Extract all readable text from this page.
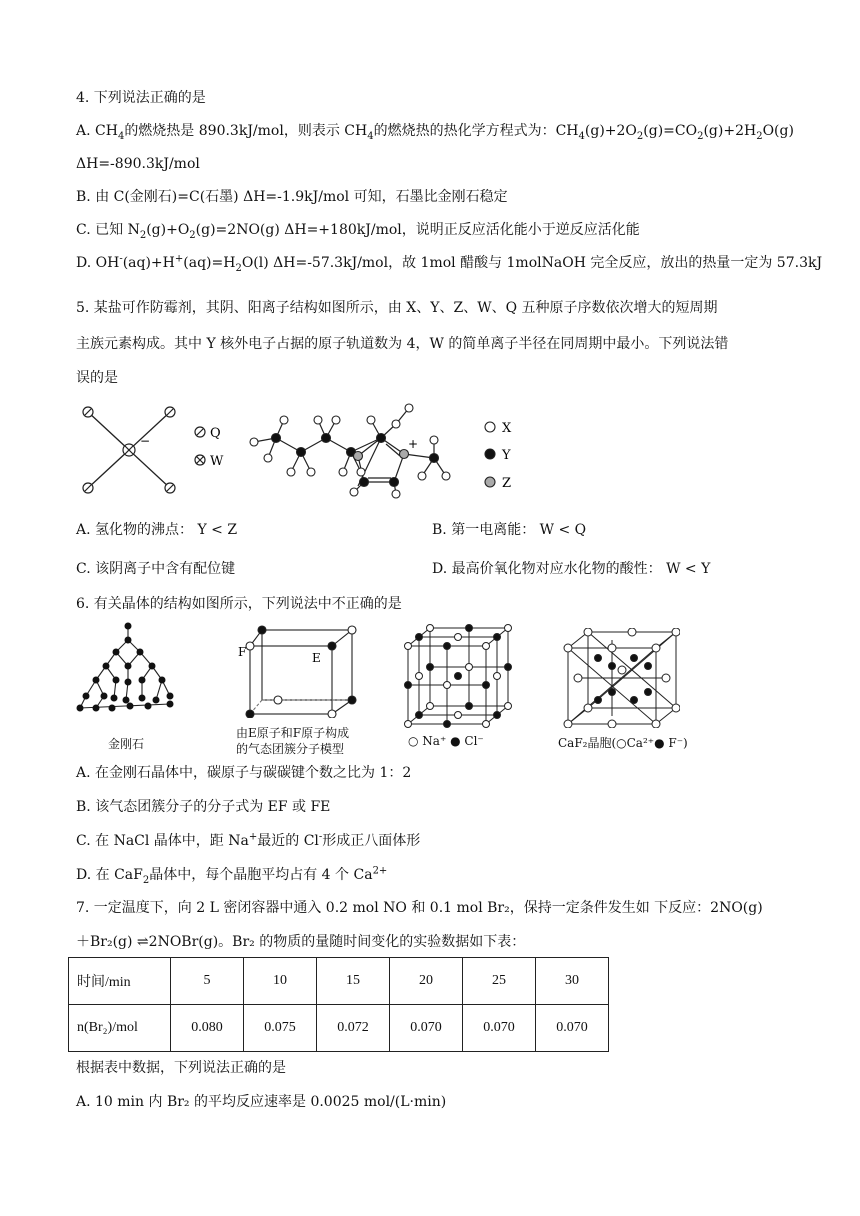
4. 下列说法正确的是
A. $CH_4$的燃烧热是 890.3kJ/mol，则表示 $CH_4$的燃烧热的热化学方程式为：$CH_4(g)+2O_2(g)=CO_2(g)+2H_2O(g)$
ΔH=-890.3kJ/mol
B. 由 C(金刚石)=C(石墨) ΔH=-1.9kJ/mol 可知，石墨比金刚石稳定
C. 已知 $N_2(g)+O_2(g)=2NO(g)$ ΔH=+180kJ/mol，说明正反应活化能小于逆反应活化能
D. $OH^-(aq)+H^+(aq)=H_2O(l)$ ΔH=-57.3kJ/mol，故 1mol 醋酸与 1molNaOH 完全反应，放出的热量一定为 57.3kJ
5. 某盐可作防霉剂，其阴、阳离子结构如图所示，由 X、Y、Z、W、Q 五种原子序数依次增大的短周期
主族元素构成。其中 Y 核外电子占据的原子轨道数为 4，W 的简单离子半径在同周期中最小。下列说法错
误的是
−	Q
W
+
X
Y
Z
A. 氢化物的沸点： Y < Z	B. 第一电离能： W < Q
C. 该阴离子中含有配位键	D. 最高价氧化物对应水化物的酸性： W < Y
6. 有关晶体的结构如图所示，下列说法中不正确的是
金刚石
F	E
由E原子和F原子构成
的气态团簇分子模型
○ Na⁺ ● Cl⁻	CaF₂晶胞(○Ca²⁺● F⁻)
A. 在金刚石晶体中，碳原子与碳碳键个数之比为 1：2
B. 该气态团簇分子的分子式为 EF 或 FE
C. 在 NaCl 晶体中，距 Na+最近的 Cl-形成正八面体形
D. 在 CaF$_2$晶体中，每个晶胞平均占有 4 个 $Ca^{2+}$
7. 一定温度下，向 2 L 密闭容器中通入 0.2 mol NO 和 0.1 mol Br₂，保持一定条件发生如 下反应：2NO(g)
＋Br₂(g) ⇌2NOBr(g)。Br₂ 的物质的量随时间变化的实验数据如下表：
时间/min	5	10	15	20	25	30
n(Br₂)/mol	0.080	0.075	0.072	0.070	0.070	0.070
根据表中数据，下列说法正确的是
A. 10 min 内 Br₂ 的平均反应速率是 0.0025 mol/(L·min)
